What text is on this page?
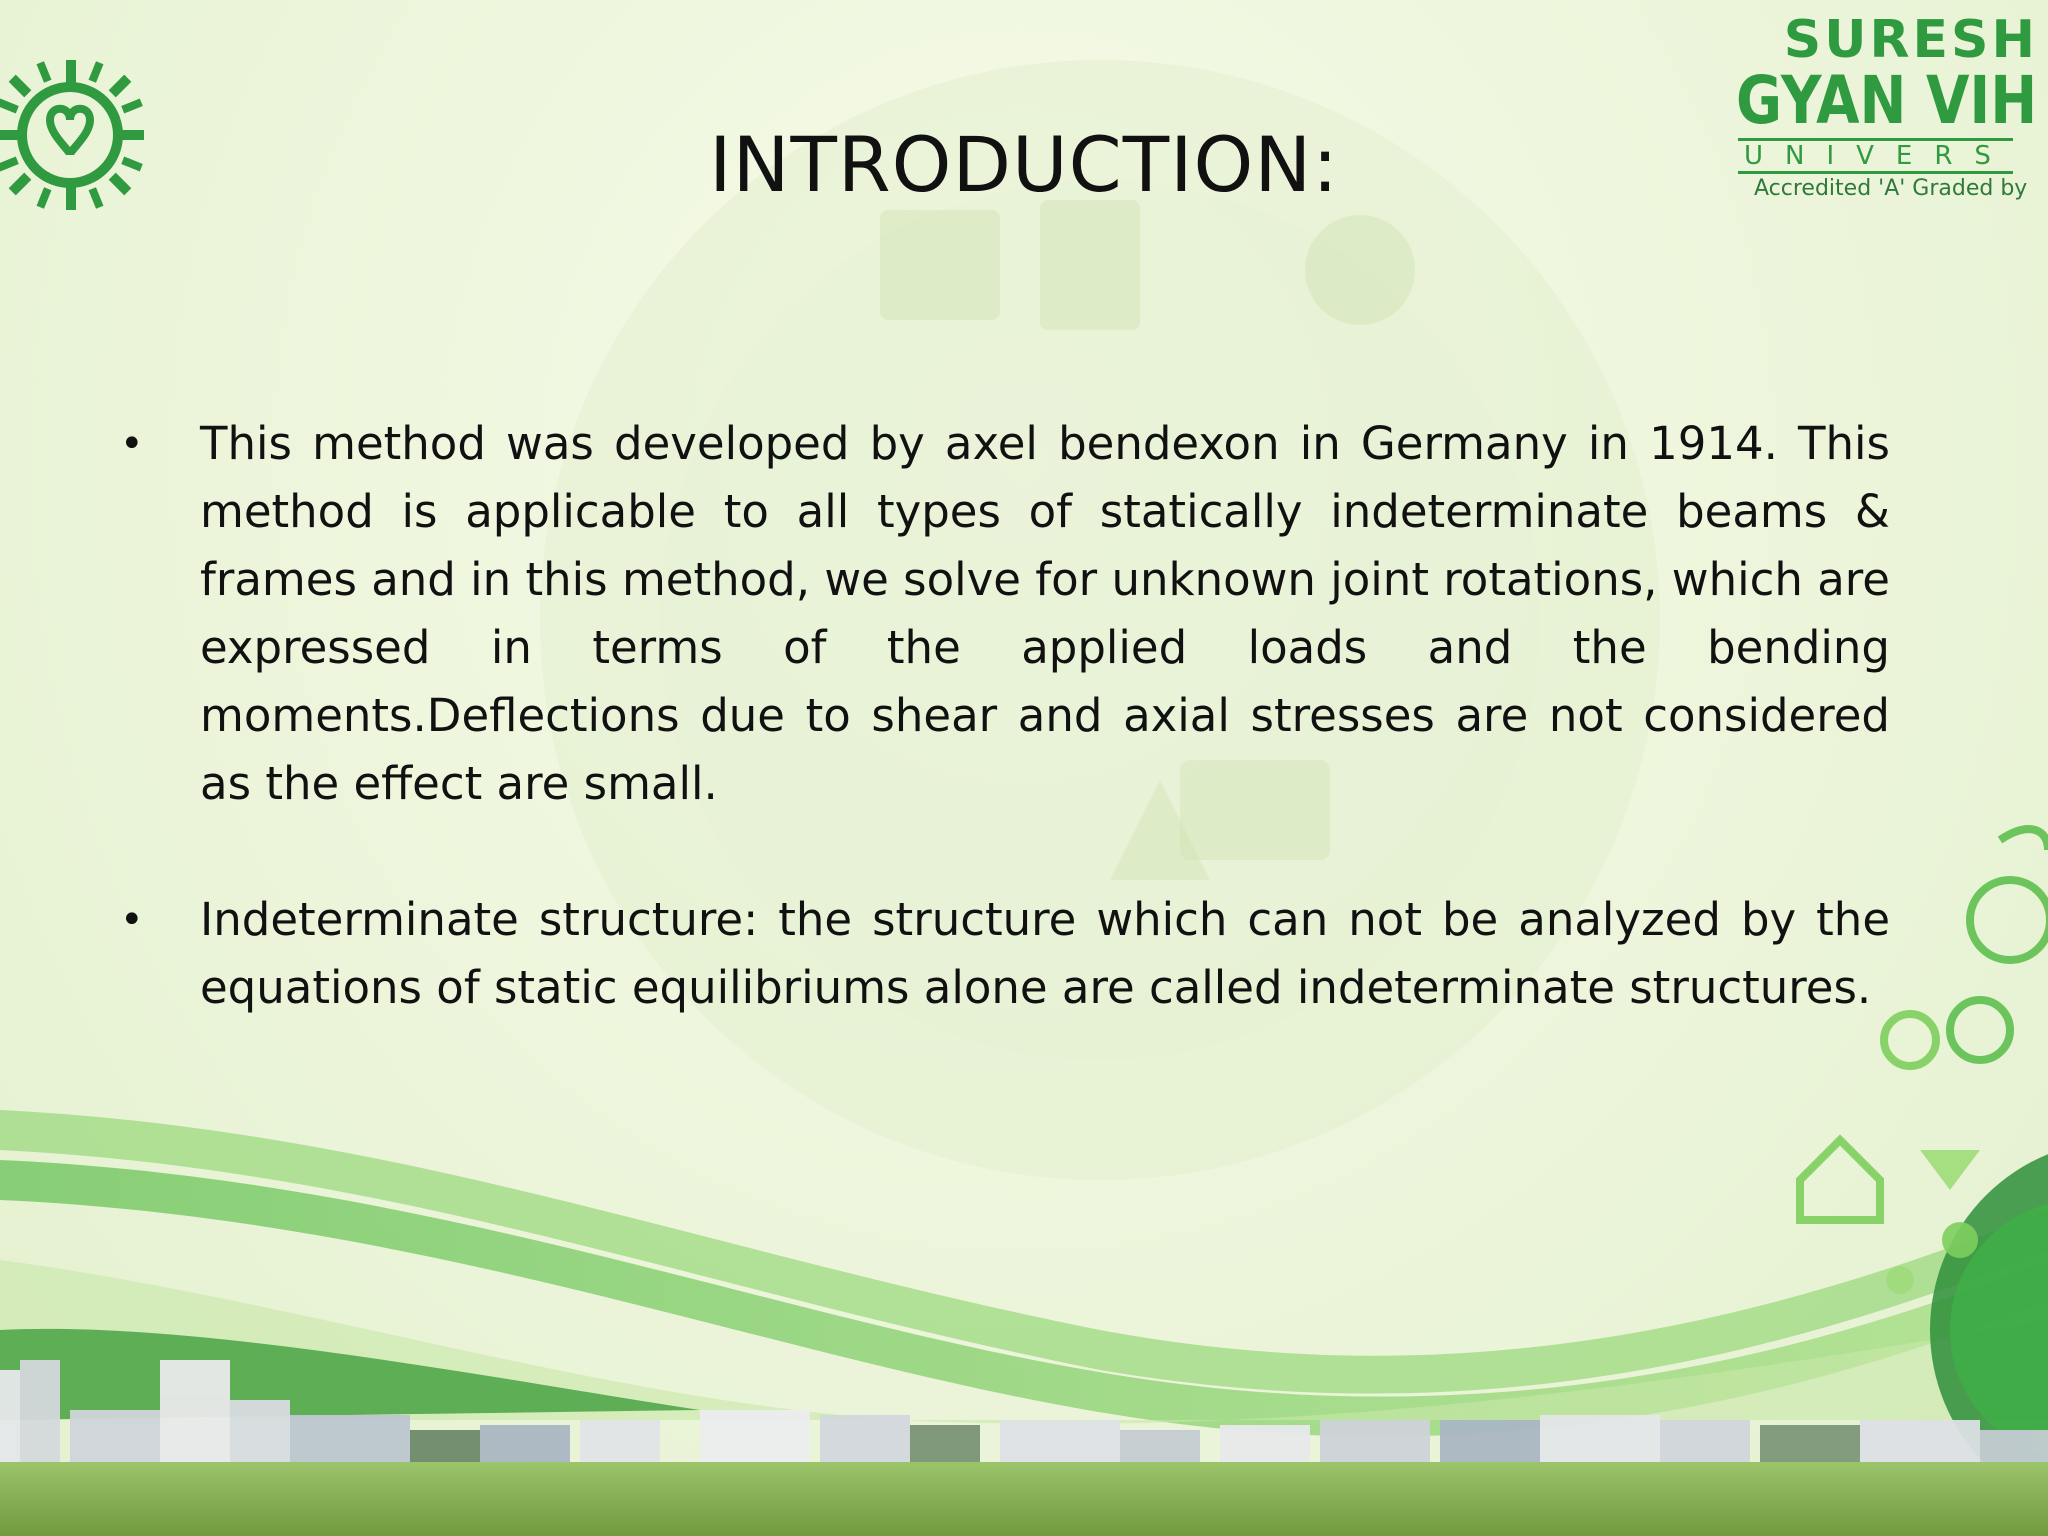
SURESH
GYAN VIH
UNIVERS
Accredited 'A' Graded by
INTRODUCTION:
• This method was developed by axel bendexon in Germany in 1914. This method is applicable to all types of statically indeterminate beams & frames and in this method, we solve for unknown joint rotations, which are expressed in terms of the applied loads and the bending moments.Deflections due to shear and axial stresses are not considered as the effect are small.
• Indeterminate structure: the structure which can not be analyzed by the equations of static equilibriums alone are called indeterminate structures.
